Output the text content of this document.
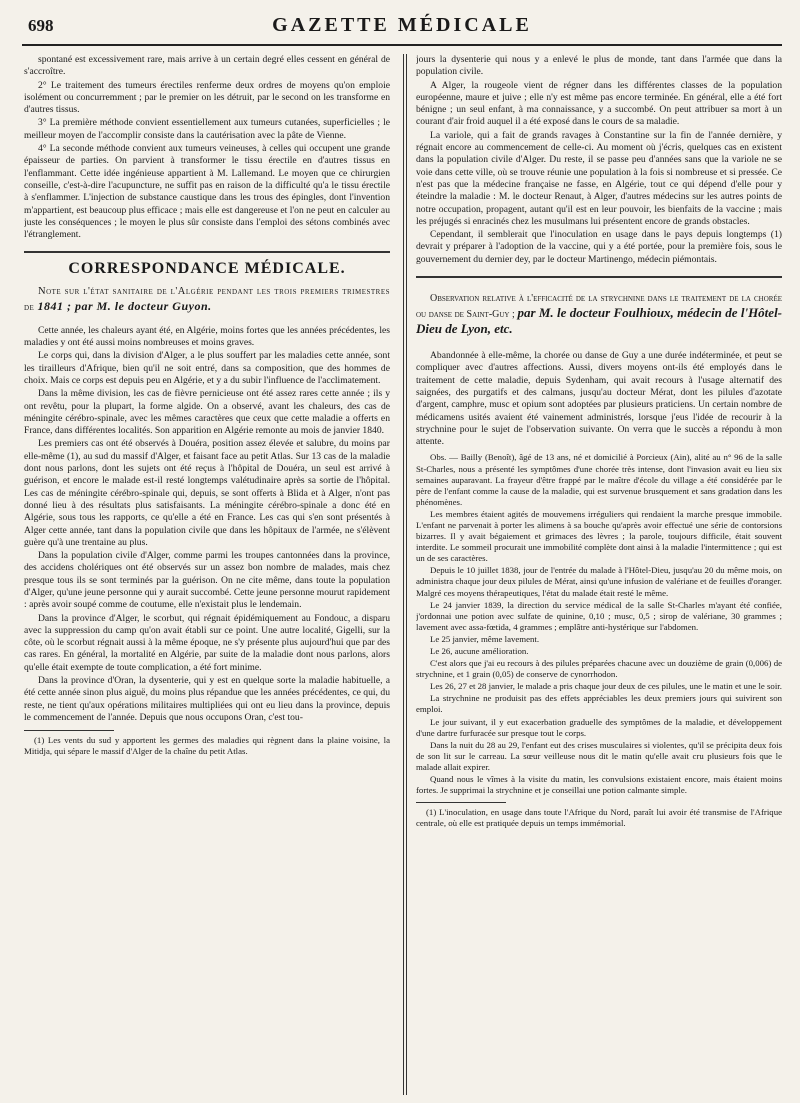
698	GAZETTE MÉDICALE

spontané est excessivement rare, mais arrive à un certain degré elles cessent en général de s'accroître.

2° Le traitement des tumeurs érectiles renferme deux ordres de moyens qu'on emploie isolément ou concurremment ; par le premier on les détruit, par le second on les transforme en d'autres tissus.

3° La première méthode convient essentiellement aux tumeurs cutanées, superficielles ; le meilleur moyen de l'accomplir consiste dans la cautérisation avec la pâte de Vienne.

4° La seconde méthode convient aux tumeurs veineuses, à celles qui occupent une grande épaisseur de parties. On parvient à transformer le tissu érectile en d'autres tissus en l'enflammant. Cette idée ingénieuse appartient à M. Lallemand. Le moyen que ce chirurgien conseille, c'est-à-dire l'acupuncture, ne suffit pas en raison de la difficulté qu'a le tissu érectile à s'enflammer. L'injection de substance caustique dans les trous des épingles, dont l'invention m'appartient, est beaucoup plus efficace ; mais elle est dangereuse et l'on ne peut en calculer au juste les conséquences ; le moyen le plus sûr consiste dans l'emploi des sétons combinés avec l'étranglement.

CORRESPONDANCE MÉDICALE.
Note sur l'état sanitaire de l'Algérie pendant les trois premiers trimestres de 1841 ; par M. le docteur Guyon.

Cette année, les chaleurs ayant été, en Algérie, moins fortes que les années précédentes, les maladies y ont été aussi moins nombreuses et moins graves.

Le corps qui, dans la division d'Alger, a le plus souffert par les maladies cette année, sont les tirailleurs d'Afrique, bien qu'il ne soit entré, dans sa composition, que des hommes de choix. Mais ce corps est depuis peu en Algérie, et y a du subir l'influence de l'acclimatement.

Dans la même division, les cas de fièvre pernicieuse ont été assez rares cette année ; ils y ont revêtu, pour la plupart, la forme algide. On a observé, avant les chaleurs, des cas de méningite cérébro-spinale, avec les mêmes caractères que ceux que cette maladie a offerts en France, dans différentes localités. Son apparition en Algérie remonte au mois de janvier 1840.

Les premiers cas ont été observés à Douéra, position assez élevée et salubre, du moins par elle-même (1), au sud du massif d'Alger, et faisant face au petit Atlas. Sur 13 cas de la maladie dont nous parlons, dont les sujets ont été reçus à l'hôpital de Douéra, un seul est arrivé à guérison, et encore le malade est-il resté longtemps valétudinaire après sa sortie de l'hôpital. Les cas de méningite cérébro-spinale qui, depuis, se sont offerts à Blida et à Alger, n'ont pas donné lieu à des résultats plus satisfaisants. La méningite cérébro-spinale a donc été en Algérie, sous tous les rapports, ce qu'elle a été en France. Les cas qui s'en sont présentés à Alger cette année, tant dans la population civile que dans les hôpitaux de l'armée, ne s'élèvent guère qu'à une trentaine au plus.

Dans la population civile d'Alger, comme parmi les troupes cantonnées dans la province, des accidens cholériques ont été observés sur un assez bon nombre de malades, mais chez presque tous ils se sont terminés par la guérison. On ne cite même, dans toute la population d'Alger, qu'une jeune personne qui y aurait succombé. Cette jeune personne mourut rapidement : après avoir soupé comme de coutume, elle n'existait plus le lendemain.

Dans la province d'Alger, le scorbut, qui régnait épidémiquement au Fondouc, a disparu avec la suppression du camp qu'on avait établi sur ce point. Une autre localité, Gigelli, sur la côte, où le scorbut régnait aussi à la même époque, ne s'y présente plus aujourd'hui que par des cas rares. En général, la mortalité en Algérie, par suite de la maladie dont nous parlons, alors qu'elle était exempte de toute complication, a été fort minime.

Dans la province d'Oran, la dysenterie, qui y est en quelque sorte la maladie habituelle, a été cette année sinon plus aiguë, du moins plus répandue que les années précédentes, ce qui, du reste, ne tient qu'aux opérations militaires multipliées qui ont eu lieu dans la province, depuis le commencement de l'année. Depuis que nous occupons Oran, c'est tou-

(1) Les vents du sud y apportent les germes des maladies qui règnent dans la plaine voisine, la Mitidja, qui sépare le massif d'Alger de la chaîne du petit Atlas.

jours la dysenterie qui nous y a enlevé le plus de monde, tant dans l'armée que dans la population civile.

A Alger, la rougeole vient de régner dans les différentes classes de la population européenne, maure et juive ; elle n'y est même pas encore terminée. En général, elle a été fort bénigne ; un seul enfant, à ma connaissance, y a succombé. On peut attribuer sa mort à un courant d'air froid auquel il a été exposé dans le cours de sa maladie.

La variole, qui a fait de grands ravages à Constantine sur la fin de l'année dernière, y régnait encore au commencement de celle-ci. Au moment où j'écris, quelques cas en existent dans la population civile d'Alger. Du reste, il se passe peu d'années sans que la variole ne se voie dans cette ville, où se trouve réunie une population à la fois si nombreuse et si pressée. Ce n'est pas que la médecine française ne fasse, en Algérie, tout ce qui dépend d'elle pour y éteindre la maladie : M. le docteur Renaut, à Alger, d'autres médecins sur les autres points de notre occupation, propagent, autant qu'il est en leur pouvoir, les bienfaits de la vaccine ; mais les préjugés si enracinés chez les musulmans lui présentent encore de grands obstacles.

Cependant, il semblerait que l'inoculation en usage dans le pays depuis longtemps (1) devrait y préparer à l'adoption de la vaccine, qui y a été portée, pour la première fois, sous le gouvernement du dernier dey, par le docteur Martinengo, médecin piémontais.

Observation relative à l'efficacité de la strychnine dans le traitement de la chorée ou danse de Saint-Guy ; par M. le docteur Foulhioux, médecin de l'Hôtel-Dieu de Lyon, etc.

Abandonnée à elle-même, la chorée ou danse de Guy a une durée indéterminée, et peut se compliquer avec d'autres affections. Aussi, divers moyens ont-ils été employés dans le traitement de cette maladie, depuis Sydenham, qui avait recours à l'usage alternatif des saignées, des purgatifs et des calmans, jusqu'au docteur Mérat, dont les pilules d'azotate d'argent, camphre, musc et opium sont adoptées par plusieurs praticiens. Un certain nombre de médicamens usités avaient été vainement administrés, lorsque j'eus l'idée de recourir à la strychnine pour le sujet de l'observation suivante. On verra que le succès a répondu à mon attente.

Obs. — Bailly (Benoît), âgé de 13 ans, né et domicilié à Porcieux (Ain), alité au n° 96 de la salle St-Charles, nous a présenté les symptômes d'une chorée très intense, dont l'invasion avait eu lieu six semaines auparavant. La frayeur d'être frappé par le maître d'école du village a été considérée par le père de l'enfant comme la cause de la maladie, qui est survenue brusquement et sans gradation dans les phénomènes.

Les membres étaient agités de mouvemens irréguliers qui rendaient la marche presque immobile. L'enfant ne parvenait à porter les alimens à sa bouche qu'après avoir effectué une série de contorsions bizarres. Il y avait bégaiement et grimaces des lèvres ; la parole, toujours difficile, était souvent interdite. Le sommeil procurait une immobilité complète dont ainsi à la maladie l'intermittence ; qui est un de ses caractères.

Depuis le 10 juillet 1838, jour de l'entrée du malade à l'Hôtel-Dieu, jusqu'au 20 du même mois, on administra chaque jour deux pilules de Mérat, ainsi qu'une infusion de valériane et de feuilles d'oranger. Malgré ces moyens thérapeutiques, l'état du malade était resté le même.

Le 24 janvier 1839, la direction du service médical de la salle St-Charles m'ayant été confiée, j'ordonnai une potion avec sulfate de quinine, 0,10 ; musc, 0,5 ; sirop de valériane, 30 grammes ; lavement avec assa-fœtida, 4 grammes ; emplâtre anti-hystérique sur l'abdomen.

Le 25 janvier, même lavement.

Le 26, aucune amélioration.

C'est alors que j'ai eu recours à des pilules préparées chacune avec un douzième de grain (0,006) de strychnine, et 1 grain (0,05) de conserve de cynorrhodon.

Les 26, 27 et 28 janvier, le malade a pris chaque jour deux de ces pilules, une le matin et une le soir.

La strychnine ne produisit pas des effets appréciables les deux premiers jours qui suivirent son emploi.

Le jour suivant, il y eut exacerbation graduelle des symptômes de la maladie, et développement d'une dartre furfuracée sur presque tout le corps.

Dans la nuit du 28 au 29, l'enfant eut des crises musculaires si violentes, qu'il se précipita deux fois de son lit sur le carreau. La sœur veilleuse nous dit le matin qu'elle avait cru plusieurs fois que le malade allait expirer.

Quand nous le vîmes à la visite du matin, les convulsions existaient encore, mais étaient moins fortes. Je supprimai la strychnine et je conseillai une potion calmante simple.

(1) L'inoculation, en usage dans toute l'Afrique du Nord, paraît lui avoir été transmise de l'Afrique centrale, où elle est pratiquée depuis un temps immémorial.
